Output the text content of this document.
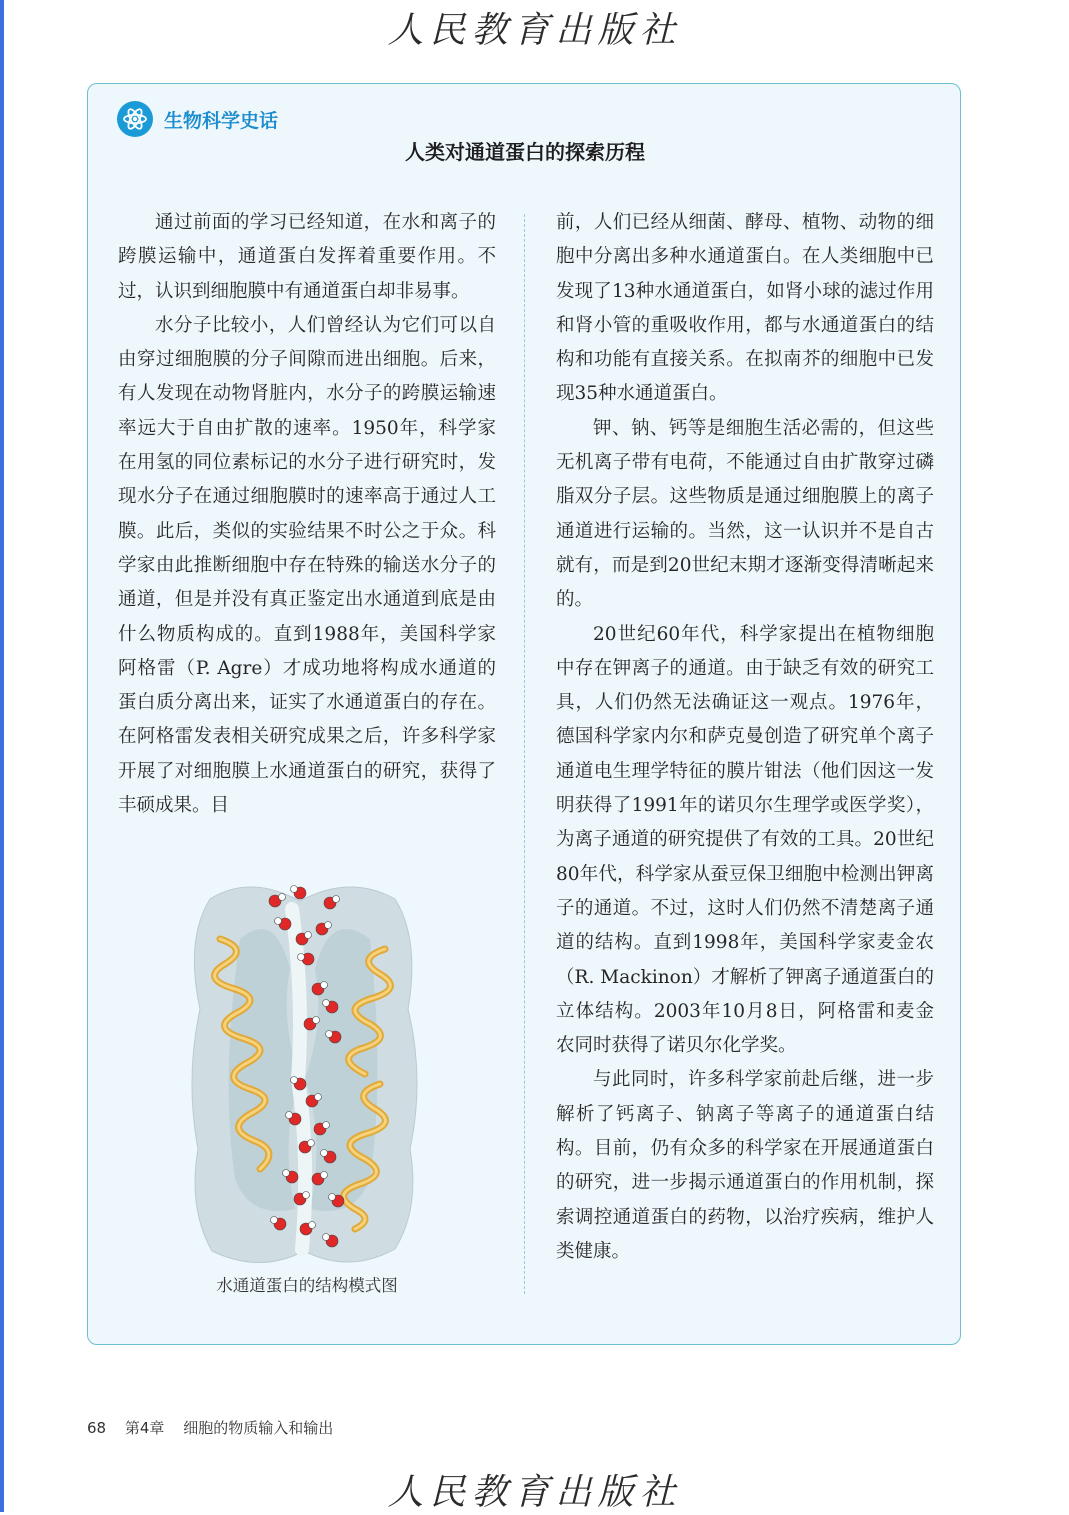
人民教育出版社
生物科学史话
人类对通道蛋白的探索历程

通过前面的学习已经知道，在水和离子的跨膜运输中，通道蛋白发挥着重要作用。不过，认识到细胞膜中有通道蛋白却非易事。

水分子比较小，人们曾经认为它们可以自由穿过细胞膜的分子间隙而进出细胞。后来，有人发现在动物肾脏内，水分子的跨膜运输速率远大于自由扩散的速率。1950年，科学家在用氢的同位素标记的水分子进行研究时，发现水分子在通过细胞膜时的速率高于通过人工膜。此后，类似的实验结果不时公之于众。科学家由此推断细胞中存在特殊的输送水分子的通道，但是并没有真正鉴定出水通道到底是由什么物质构成的。直到1988年，美国科学家阿格雷（P. Agre）才成功地将构成水通道的蛋白质分离出来，证实了水通道蛋白的存在。在阿格雷发表相关研究成果之后，许多科学家开展了对细胞膜上水通道蛋白的研究，获得了丰硕成果。目

前，人们已经从细菌、酵母、植物、动物的细胞中分离出多种水通道蛋白。在人类细胞中已发现了13种水通道蛋白，如肾小球的滤过作用和肾小管的重吸收作用，都与水通道蛋白的结构和功能有直接关系。在拟南芥的细胞中已发现35种水通道蛋白。

钾、钠、钙等是细胞生活必需的，但这些无机离子带有电荷，不能通过自由扩散穿过磷脂双分子层。这些物质是通过细胞膜上的离子通道进行运输的。当然，这一认识并不是自古就有，而是到20世纪末期才逐渐变得清晰起来的。

20世纪60年代，科学家提出在植物细胞中存在钾离子的通道。由于缺乏有效的研究工具，人们仍然无法确证这一观点。1976年，德国科学家内尔和萨克曼创造了研究单个离子通道电生理学特征的膜片钳法（他们因这一发明获得了1991年的诺贝尔生理学或医学奖），为离子通道的研究提供了有效的工具。20世纪80年代，科学家从蚕豆保卫细胞中检测出钾离子的通道。不过，这时人们仍然不清楚离子通道的结构。直到1998年，美国科学家麦金农（R. Mackinon）才解析了钾离子通道蛋白的立体结构。2003年10月8日，阿格雷和麦金农同时获得了诺贝尔化学奖。

与此同时，许多科学家前赴后继，进一步解析了钙离子、钠离子等离子的通道蛋白结构。目前，仍有众多的科学家在开展通道蛋白的研究，进一步揭示通道蛋白的作用机制，探索调控通道蛋白的药物，以治疗疾病，维护人类健康。

水通道蛋白的结构模式图
68 第4章 细胞的物质输入和输出
人民教育出版社
